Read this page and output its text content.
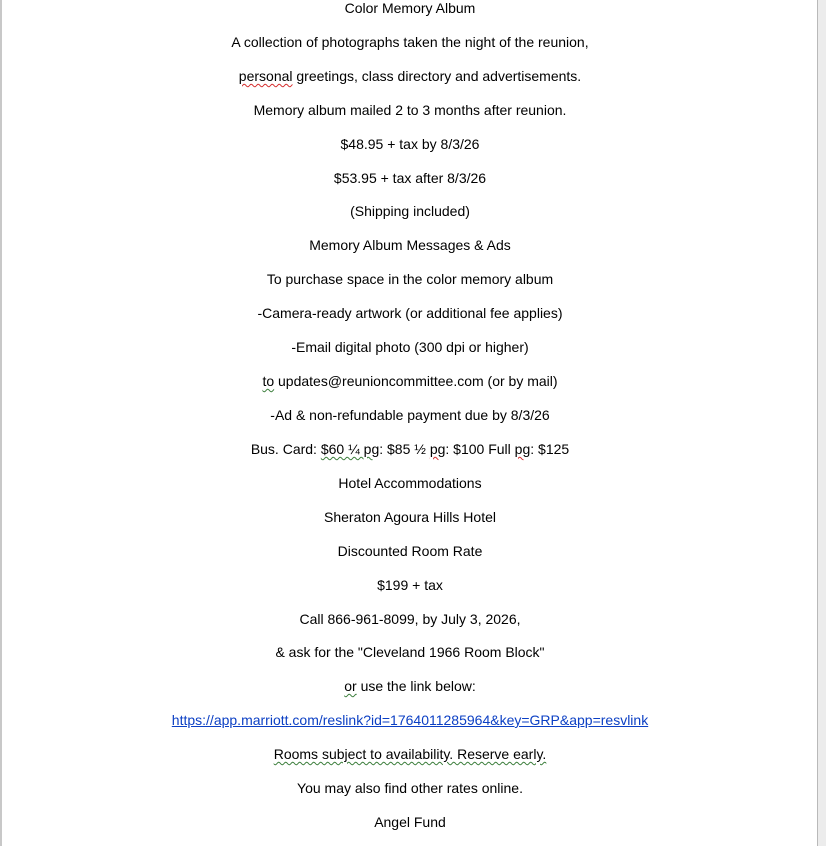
Color Memory Album
A collection of photographs taken the night of the reunion,
personal greetings, class directory and advertisements.
Memory album mailed 2 to 3 months after reunion.
$48.95 + tax by 8/3/26
$53.95 + tax after 8/3/26
(Shipping included)
Memory Album Messages & Ads
To purchase space in the color memory album
-Camera-ready artwork (or additional fee applies)
-Email digital photo (300 dpi or higher)
to updates@reunioncommittee.com (or by mail)
-Ad & non-refundable payment due by 8/3/26
Bus. Card: $60 ¼ pg: $85 ½ pg: $100 Full pg: $125
Hotel Accommodations
Sheraton Agoura Hills Hotel
Discounted Room Rate
$199 + tax
Call 866-961-8099, by July 3, 2026,
& ask for the "Cleveland 1966 Room Block"
or use the link below:
https://app.marriott.com/reslink?id=1764011285964&key=GRP&app=resvlink
Rooms subject to availability. Reserve early.
You may also find other rates online.
Angel Fund
